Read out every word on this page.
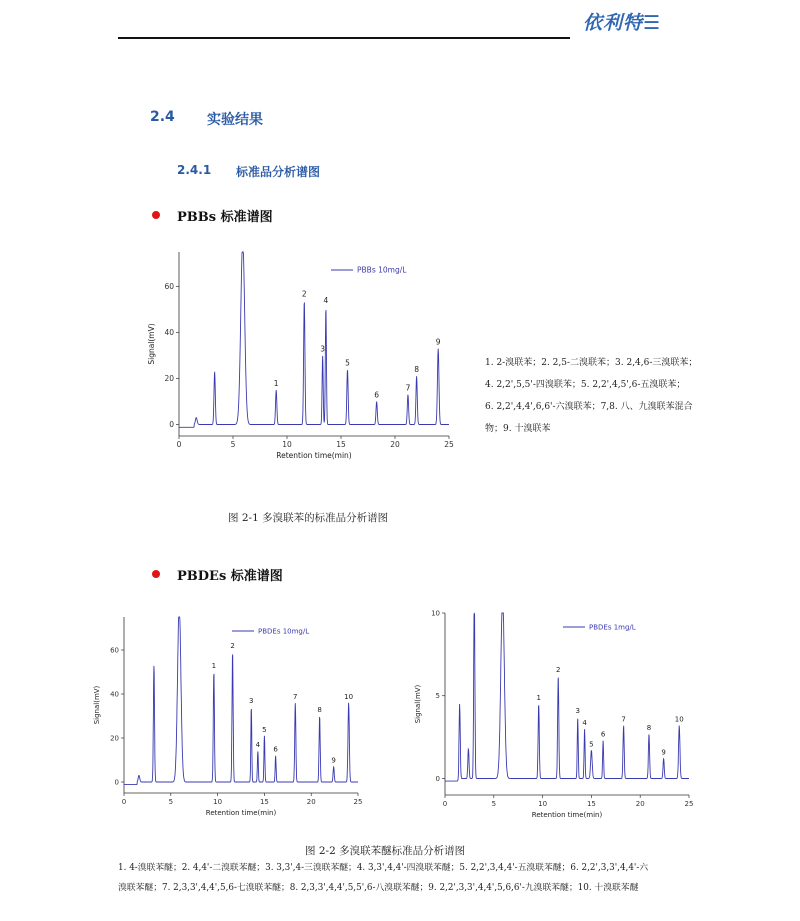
依利特☰
2.4 实验结果
2.4.1 标准品分析谱图
PBBs 标准谱图
0	5	10	15	20	25
0
20
40
60
Retention time(min)
Signal(mV)
PBBs 10mg/L
1
2
3
4
5
6
7
8
9
1. 2-溴联苯；2. 2,5-二溴联苯；3. 2,4,6-三溴联苯；
4. 2,2',5,5'-四溴联苯；5. 2,2',4,5',6-五溴联苯；
6. 2,2',4,4',6,6'-六溴联苯；7,8. 八、九溴联苯混合
物；9. 十溴联苯
图 2-1 多溴联苯的标准品分析谱图
PBDEs 标准谱图
0	5	10	15	20	25
0
20
40
60
Retention time(min)
Signal(mV)
PBDEs 10mg/L
1
2
3
4
5
6
7
8
9
10
0	5	10	15	20	25
0
5
10
Retention time(min)
Signal(mV)
PBDEs 1mg/L
1
2
3
4
5
6
7
8
9
10
图 2-2 多溴联苯醚标准品分析谱图
1. 4-溴联苯醚；2. 4,4'-二溴联苯醚；3. 3,3',4-三溴联苯醚；4. 3,3',4,4'-四溴联苯醚；5. 2,2',3,4,4'-五溴联苯醚；6. 2,2',3,3',4,4'-六
溴联苯醚；7. 2,3,3',4,4',5,6-七溴联苯醚；8. 2,3,3',4,4',5,5',6-八溴联苯醚；9. 2,2',3,3',4,4',5,6,6'-九溴联苯醚；10. 十溴联苯醚
